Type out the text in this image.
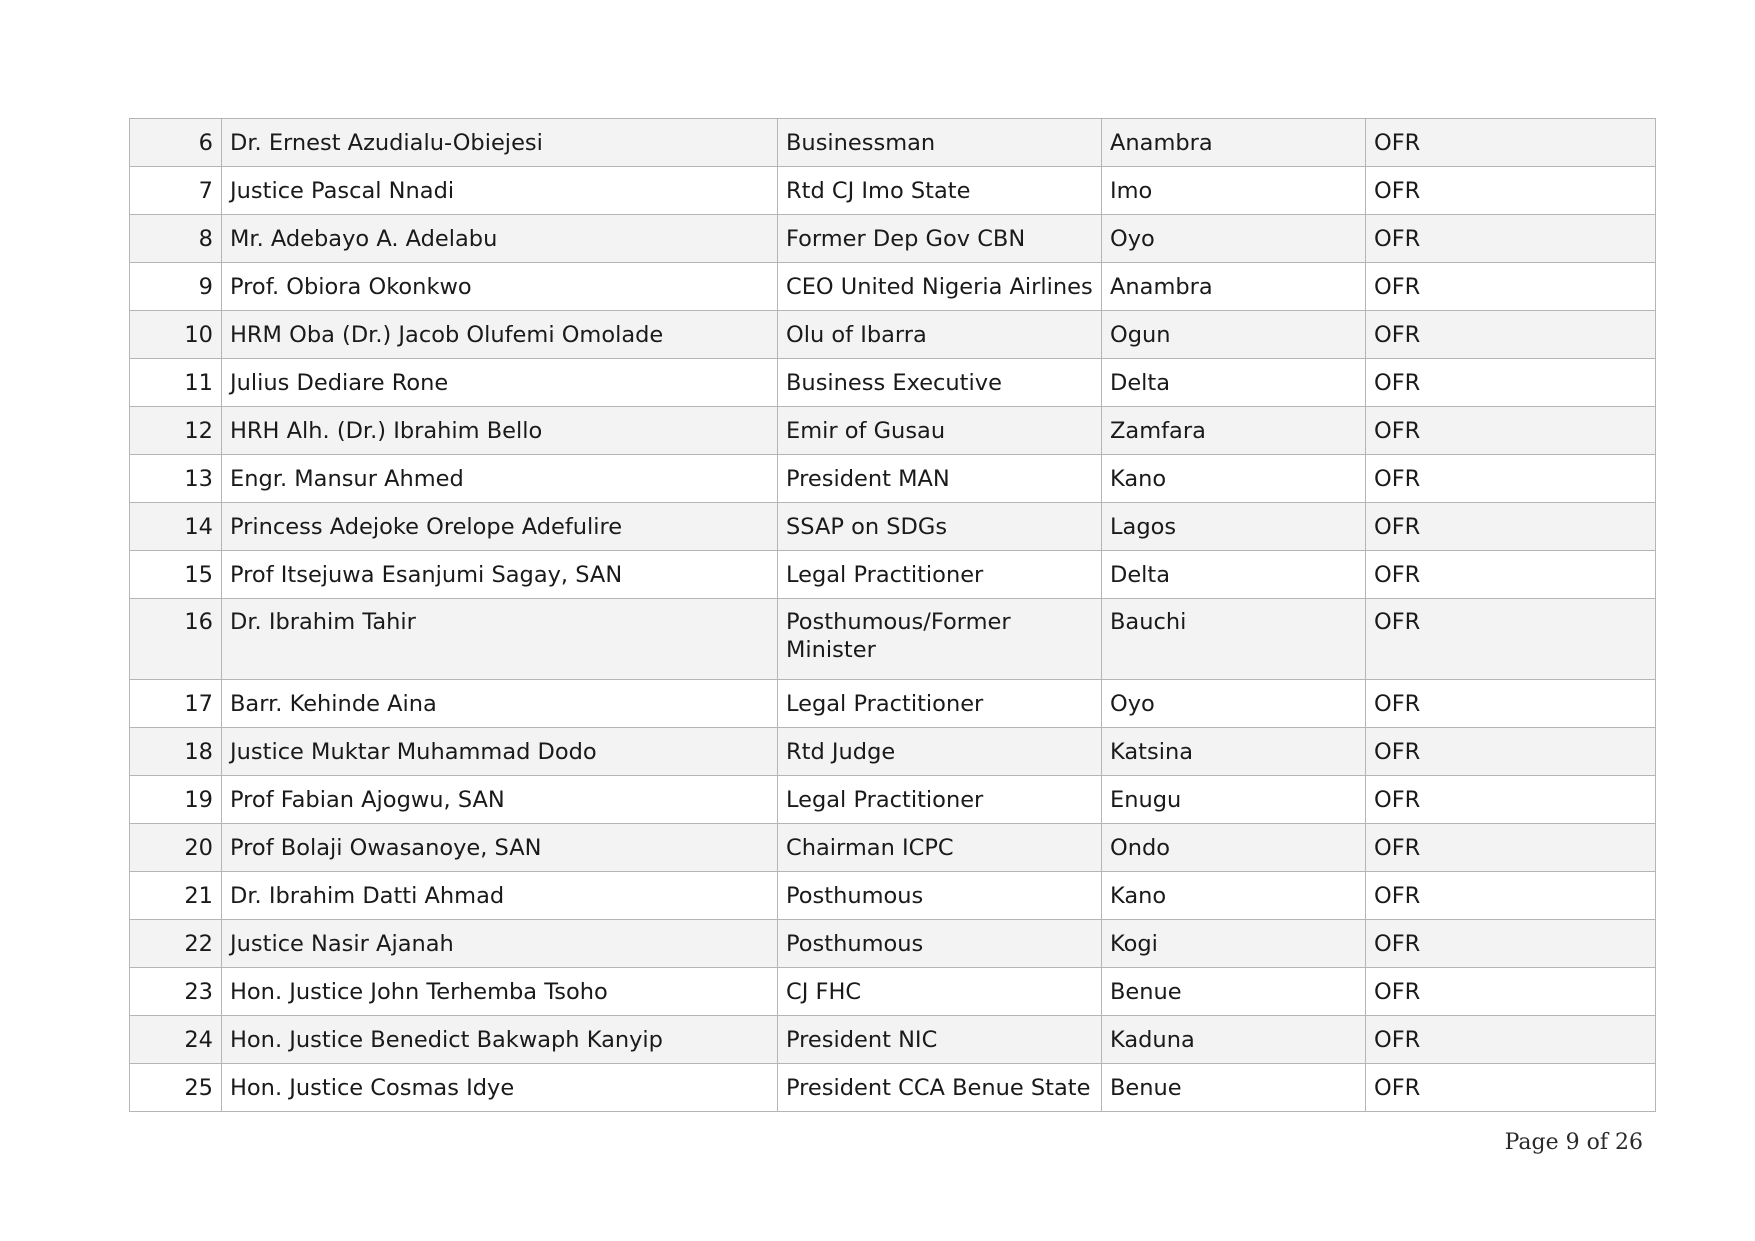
6	Dr. Ernest Azudialu-Obiejesi	Businessman	Anambra	OFR
7	Justice Pascal Nnadi	Rtd CJ Imo State	Imo	OFR
8	Mr. Adebayo A. Adelabu	Former Dep Gov CBN	Oyo	OFR
9	Prof. Obiora Okonkwo	CEO United Nigeria Airlines	Anambra	OFR
10	HRM Oba (Dr.) Jacob Olufemi Omolade	Olu of Ibarra	Ogun	OFR
11	Julius Dediare Rone	Business Executive	Delta	OFR
12	HRH Alh. (Dr.) Ibrahim Bello	Emir of Gusau	Zamfara	OFR
13	Engr. Mansur Ahmed	President MAN	Kano	OFR
14	Princess Adejoke Orelope Adefulire	SSAP on SDGs	Lagos	OFR
15	Prof Itsejuwa Esanjumi Sagay, SAN	Legal Practitioner	Delta	OFR
16	Dr. Ibrahim Tahir	Posthumous/Former Minister	Bauchi	OFR
17	Barr. Kehinde Aina	Legal Practitioner	Oyo	OFR
18	Justice Muktar Muhammad Dodo	Rtd Judge	Katsina	OFR
19	Prof Fabian Ajogwu, SAN	Legal Practitioner	Enugu	OFR
20	Prof Bolaji Owasanoye, SAN	Chairman ICPC	Ondo	OFR
21	Dr. Ibrahim Datti Ahmad	Posthumous	Kano	OFR
22	Justice Nasir Ajanah	Posthumous	Kogi	OFR
23	Hon. Justice John Terhemba Tsoho	CJ FHC	Benue	OFR
24	Hon. Justice Benedict Bakwaph Kanyip	President NIC	Kaduna	OFR
25	Hon. Justice Cosmas Idye	President CCA Benue State	Benue	OFR
Page 9 of 26
